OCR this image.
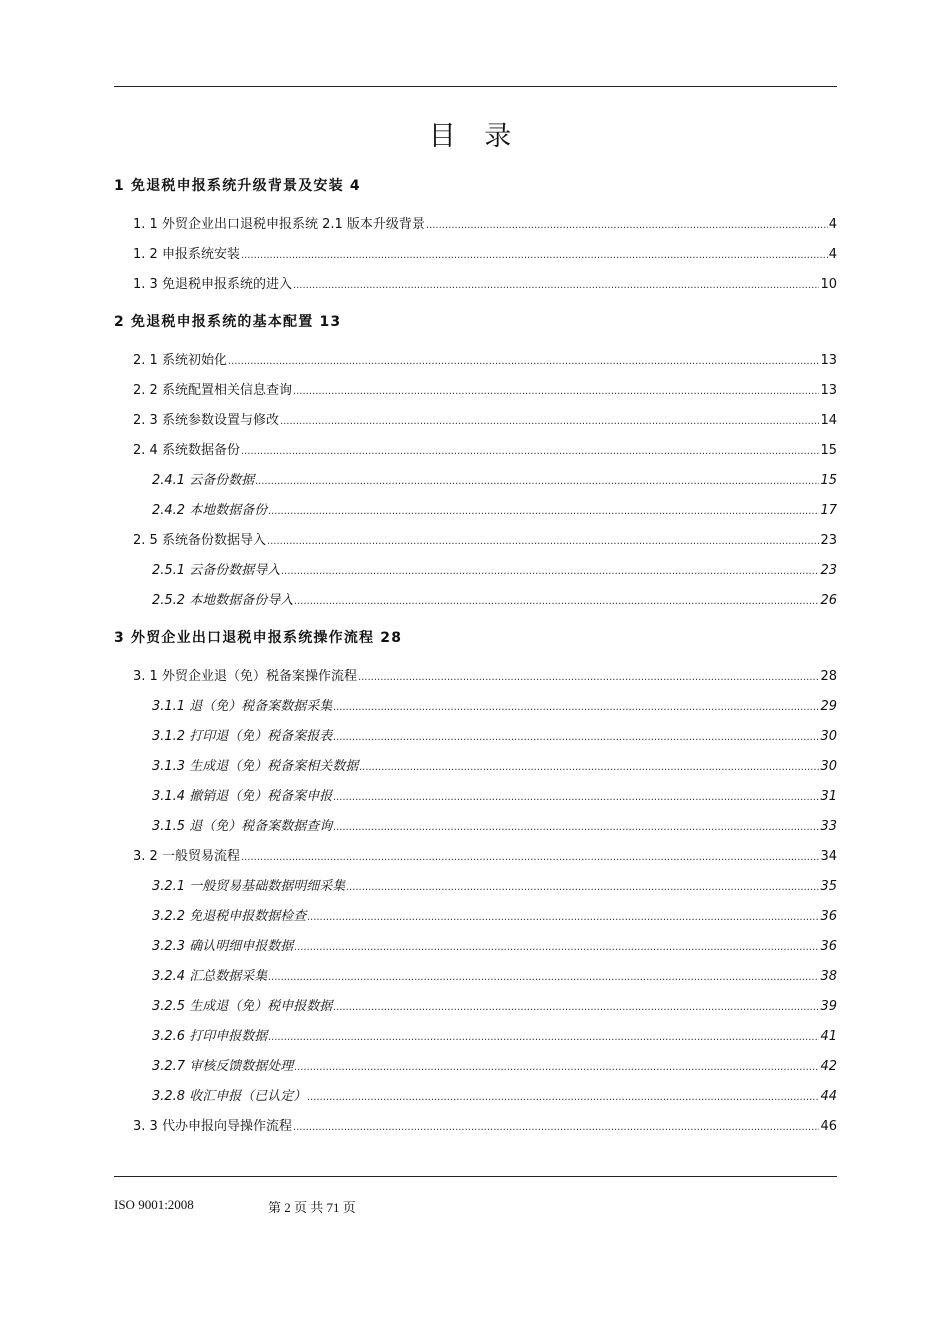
目 录
1 免退税申报系统升级背景及安装 4
1. 1 外贸企业出口退税申报系统 2.1 版本升级背景 .....	4
1. 2 申报系统安装 .....	4
1. 3 免退税申报系统的进入 .....	10
2 免退税申报系统的基本配置 13
2. 1 系统初始化 .....	13
2. 2 系统配置相关信息查询 .....	13
2. 3 系统参数设置与修改 .....	14
2. 4 系统数据备份 .....	15
2.4.1 云备份数据 .....	15
2.4.2 本地数据备份 .....	17
2. 5 系统备份数据导入 .....	23
2.5.1 云备份数据导入 .....	23
2.5.2 本地数据备份导入 .....	26
3 外贸企业出口退税申报系统操作流程 28
3. 1 外贸企业退（免）税备案操作流程 .....	28
3.1.1 退（免）税备案数据采集 .....	29
3.1.2 打印退（免）税备案报表 .....	30
3.1.3 生成退（免）税备案相关数据 .....	30
3.1.4 撤销退（免）税备案申报 .....	31
3.1.5 退（免）税备案数据查询 .....	33
3. 2 一般贸易流程 .....	34
3.2.1 一般贸易基础数据明细采集 .....	35
3.2.2 免退税申报数据检查 .....	36
3.2.3 确认明细申报数据 .....	36
3.2.4 汇总数据采集 .....	38
3.2.5 生成退（免）税申报数据 .....	39
3.2.6 打印申报数据 .....	41
3.2.7 审核反馈数据处理 .....	42
3.2.8 收汇申报（已认定） .....	44
3. 3 代办申报向导操作流程 .....	46
ISO 9001:2008	第 2 页 共 71 页
